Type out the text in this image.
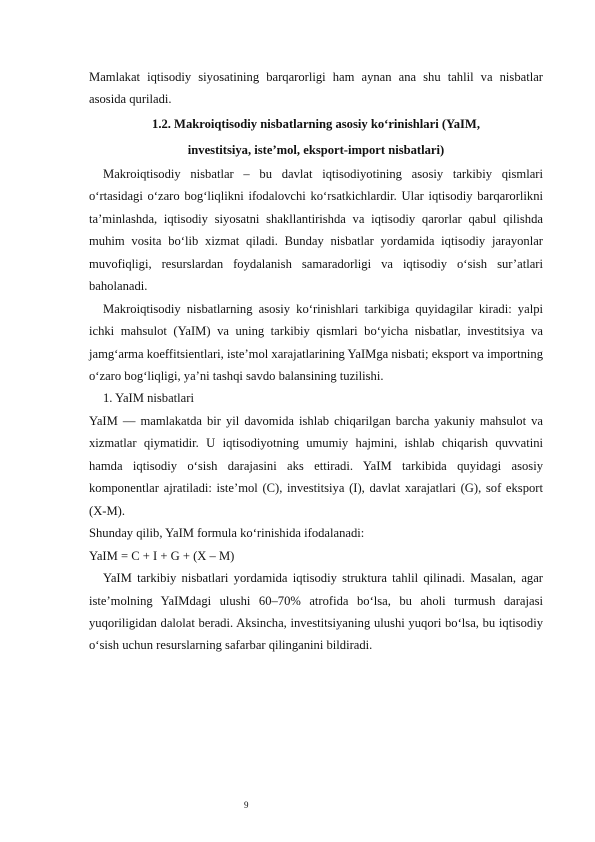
Mamlakat iqtisodiy siyosatining barqarorligi ham aynan ana shu tahlil va nisbatlar asosida quriladi.

1.2. Makroiqtisodiy nisbatlarning asosiy ko‘rinishlari (YaIM,
investitsiya, iste’mol, eksport-import nisbatlari)

Makroiqtisodiy nisbatlar – bu davlat iqtisodiyotining asosiy tarkibiy qismlari o‘rtasidagi o‘zaro bog‘liqlikni ifodalovchi ko‘rsatkichlardir. Ular iqtisodiy barqarorlikni ta’minlashda, iqtisodiy siyosatni shakllantirishda va iqtisodiy qarorlar qabul qilishda muhim vosita bo‘lib xizmat qiladi. Bunday nisbatlar yordamida iqtisodiy jarayonlar muvofiqligi, resurslardan foydalanish samaradorligi va iqtisodiy o‘sish sur’atlari baholanadi.

Makroiqtisodiy nisbatlarning asosiy ko‘rinishlari tarkibiga quyidagilar kiradi: yalpi ichki mahsulot (YaIM) va uning tarkibiy qismlari bo‘yicha nisbatlar, investitsiya va jamg‘arma koeffitsientlari, iste’mol xarajatlarining YaIMga nisbati; eksport va importning o‘zaro bog‘liqligi, ya’ni tashqi savdo balansining tuzilishi.

1. YaIM nisbatlari

YaIM — mamlakatda bir yil davomida ishlab chiqarilgan barcha yakuniy mahsulot va xizmatlar qiymatidir. U iqtisodiyotning umumiy hajmini, ishlab chiqarish quvvatini hamda iqtisodiy o‘sish darajasini aks ettiradi. YaIM tarkibida quyidagi asosiy komponentlar ajratiladi: iste’mol (C), investitsiya (I), davlat xarajatlari (G), sof eksport (X-M).

Shunday qilib, YaIM formula ko‘rinishida ifodalanadi:

YaIM = C + I + G + (X – M)

YaIM tarkibiy nisbatlari yordamida iqtisodiy struktura tahlil qilinadi. Masalan, agar iste’molning YaIMdagi ulushi 60–70% atrofida bo‘lsa, bu aholi turmush darajasi yuqoriligidan dalolat beradi. Aksincha, investitsiyaning ulushi yuqori bo‘lsa, bu iqtisodiy o‘sish uchun resurslarning safarbar qilinganini bildiradi.

9
